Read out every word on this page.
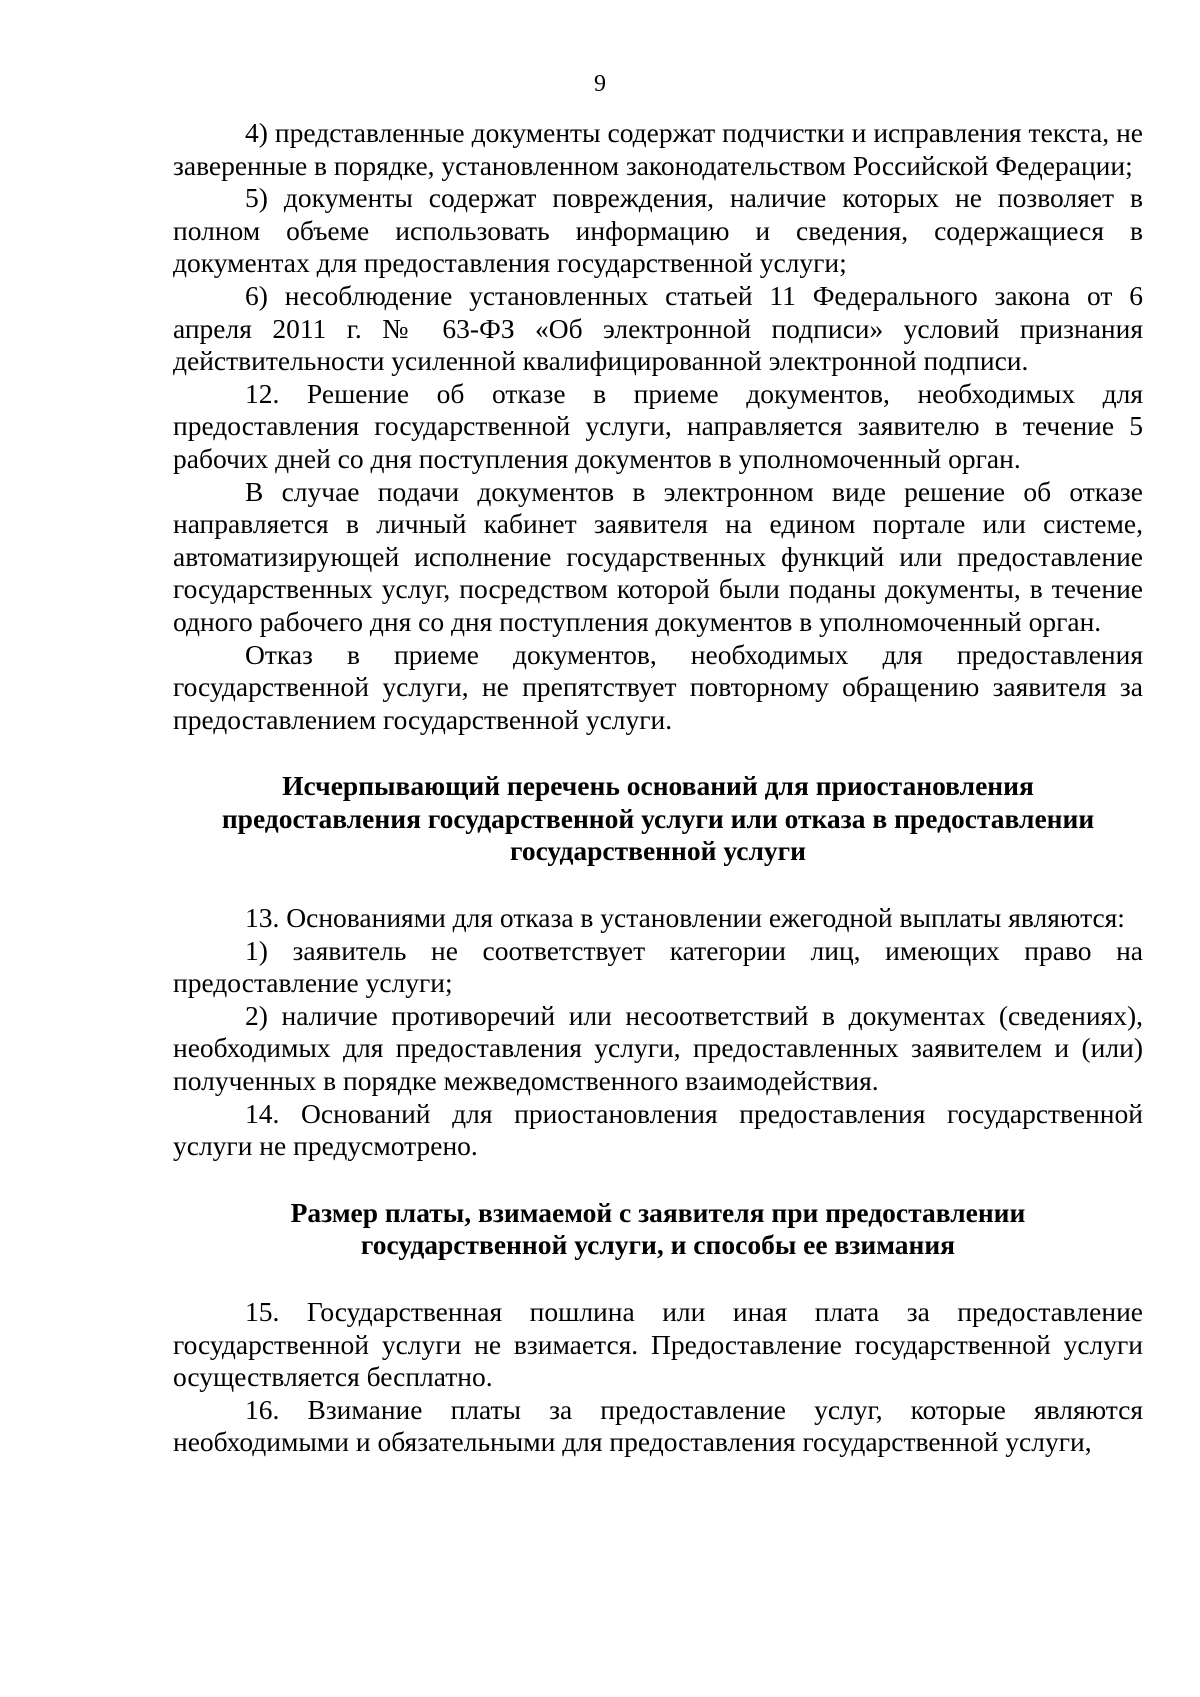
9

4) представленные документы содержат подчистки и исправления текста, не заверенные в порядке, установленном законодательством Российской Федерации;

5) документы содержат повреждения, наличие которых не позволяет в полном объеме использовать информацию и сведения, содержащиеся в документах для предоставления государственной услуги;

6) несоблюдение установленных статьей 11 Федерального закона от 6 апреля 2011 г. № 63-ФЗ «Об электронной подписи» условий признания действительности усиленной квалифицированной электронной подписи.

12. Решение об отказе в приеме документов, необходимых для предоставления государственной услуги, направляется заявителю в течение 5 рабочих дней со дня поступления документов в уполномоченный орган.

В случае подачи документов в электронном виде решение об отказе направляется в личный кабинет заявителя на едином портале или системе, автоматизирующей исполнение государственных функций или предоставление государственных услуг, посредством которой были поданы документы, в течение одного рабочего дня со дня поступления документов в уполномоченный орган.

Отказ в приеме документов, необходимых для предоставления государственной услуги, не препятствует повторному обращению заявителя за предоставлением государственной услуги.

Исчерпывающий перечень оснований для приостановления
предоставления государственной услуги или отказа в предоставлении
государственной услуги

13. Основаниями для отказа в установлении ежегодной выплаты являются:

1) заявитель не соответствует категории лиц, имеющих право на предоставление услуги;

2) наличие противоречий или несоответствий в документах (сведениях), необходимых для предоставления услуги, предоставленных заявителем и (или) полученных в порядке межведомственного взаимодействия.

14. Оснований для приостановления предоставления государственной услуги не предусмотрено.

Размер платы, взимаемой с заявителя при предоставлении
государственной услуги, и способы ее взимания

15. Государственная пошлина или иная плата за предоставление государственной услуги не взимается. Предоставление государственной услуги осуществляется бесплатно.

16. Взимание платы за предоставление услуг, которые являются необходимыми и обязательными для предоставления государственной услуги,
